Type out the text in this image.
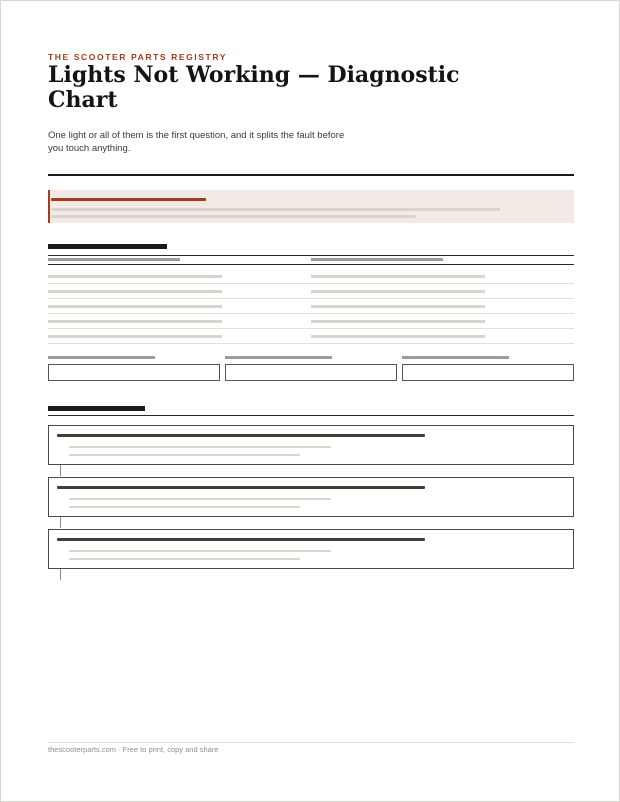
THE SCOOTER PARTS REGISTRY
Lights Not Working — Diagnostic Chart

One light or all of them is the first question, and it splits the fault before you touch anything.

thescooterparts.com · Free to print, copy and share
